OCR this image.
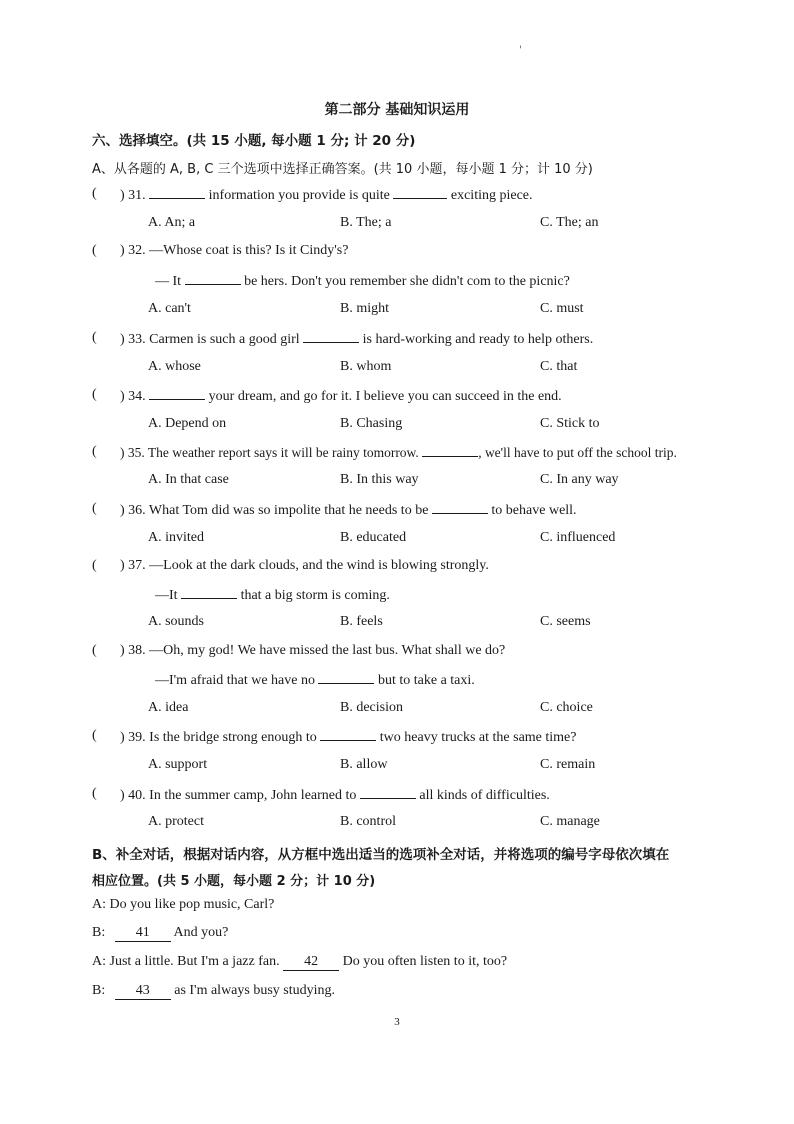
'
第二部分 基础知识运用
六、选择填空。(共 15 小题, 每小题 1 分; 计 20 分)
A、从各题的 A, B, C 三个选项中选择正确答案。(共 10 小题，每小题 1 分；计 10 分)
( ) 31.	information you provide is quite	exciting piece.
A. An; a	B. The; a	C. The; an
( ) 32. —Whose coat is this? Is it Cindy's?
— It	be hers. Don't you remember she didn't com to the picnic?
A. can't	B. might	C. must
( ) 33. Carmen is such a good girl	is hard-working and ready to help others.
A. whose	B. whom	C. that
( ) 34.	your dream, and go for it. I believe you can succeed in the end.
A. Depend on	B. Chasing	C. Stick to
( ) 35. The weather report says it will be rainy tomorrow.	, we'll have to put off the school trip.
A. In that case	B. In this way	C. In any way
( ) 36. What Tom did was so impolite that he needs to be	to behave well.
A. invited	B. educated	C. influenced
( ) 37. —Look at the dark clouds, and the wind is blowing strongly.
—It	that a big storm is coming.
A. sounds	B. feels	C. seems
( ) 38. —Oh, my god! We have missed the last bus. What shall we do?
—I'm afraid that we have no	but to take a taxi.
A. idea	B. decision	C. choice
( ) 39. Is the bridge strong enough to	two heavy trucks at the same time?
A. support	B. allow	C. remain
( ) 40. In the summer camp, John learned to	all kinds of difficulties.
A. protect	B. control	C. manage
B、补全对话，根据对话内容，从方框中选出适当的选项补全对话，并将选项的编号字母依次填在
相应位置。(共 5 小题，每小题 2 分；计 10 分)
A: Do you like pop music, Carl?
B: 41 And you?
A: Just a little. But I'm a jazz fan. 42 Do you often listen to it, too?
B: 43 as I'm always busy studying.
3
